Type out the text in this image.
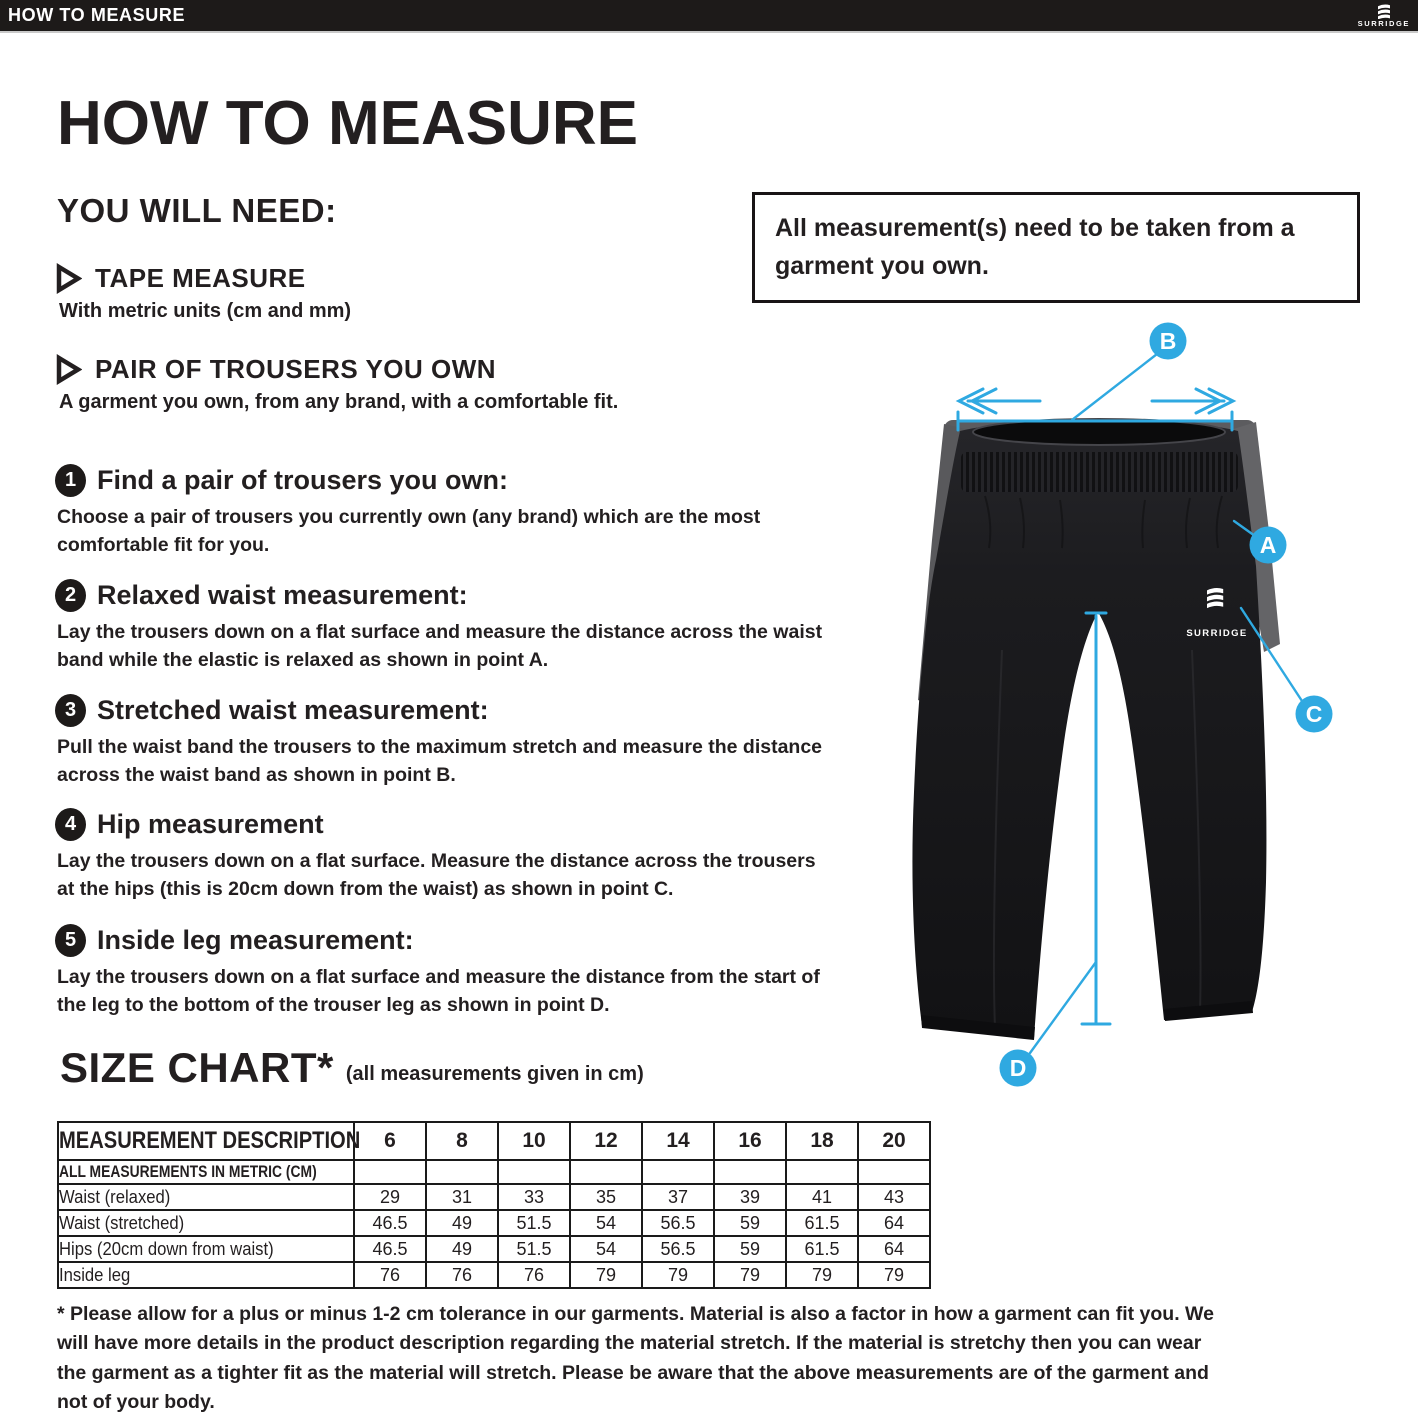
HOW TO MEASURE	SURRIDGE
HOW TO MEASURE
YOU WILL NEED:
TAPE MEASURE
With metric units (cm and mm)
PAIR OF TROUSERS YOU OWN
A garment you own, from any brand, with a comfortable fit.
1 Find a pair of trousers you own:
Choose a pair of trousers you currently own (any brand) which are the most comfortable fit for you.
2 Relaxed waist measurement:
Lay the trousers down on a flat surface and measure the distance across the waist band while the elastic is relaxed as shown in point A.
3 Stretched waist measurement:
Pull the waist band the trousers to the maximum stretch and measure the distance across the waist band as shown in point B.
4 Hip measurement
Lay the trousers down on a flat surface. Measure the distance across the trousers at the hips (this is 20cm down from the waist) as shown in point C.
5 Inside leg measurement:
Lay the trousers down on a flat surface and measure the distance from the start of the leg to the bottom of the trouser leg as shown in point D.
All measurement(s) need to be taken from a garment you own.
SURRIDGE
B
A
C
D
SIZE CHART* (all measurements given in cm)
MEASUREMENT DESCRIPTION	6	8	10	12	14	16	18	20
ALL MEASUREMENTS IN METRIC (CM)								
Waist (relaxed)	29	31	33	35	37	39	41	43
Waist (stretched)	46.5	49	51.5	54	56.5	59	61.5	64
Hips (20cm down from waist)	46.5	49	51.5	54	56.5	59	61.5	64
Inside leg	76	76	76	79	79	79	79	79
* Please allow for a plus or minus 1-2 cm tolerance in our garments. Material is also a factor in how a garment can fit you. We will have more details in the product description regarding the material stretch. If the material is stretchy then you can wear the garment as a tighter fit as the material will stretch. Please be aware that the above measurements are of the garment and not of your body.
